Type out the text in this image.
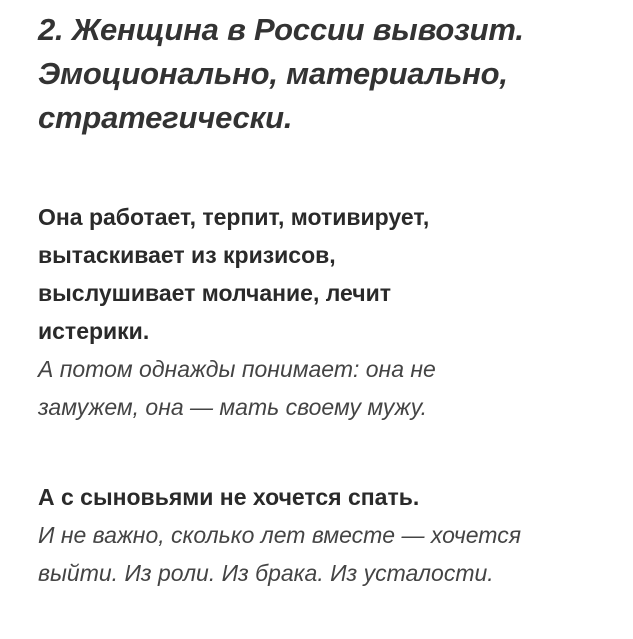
2. Женщина в России вывозит.
Эмоционально, материально,
стратегически.
Она работает, терпит, мотивирует,
вытаскивает из кризисов,
выслушивает молчание, лечит
истерики.
А потом однажды понимает: она не
замужем, она — мать своему мужу.
А с сыновьями не хочется спать.
И не важно, сколько лет вместе — хочется
выйти. Из роли. Из брака. Из усталости.
